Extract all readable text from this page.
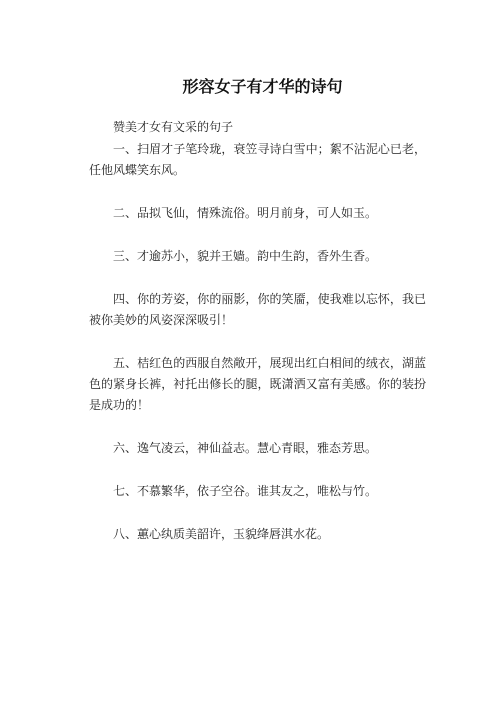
形容女子有才华的诗句

赞美才女有文采的句子

一、扫眉才子笔玲珑，衰笠寻诗白雪中；絮不沾泥心已老，任他风蝶笑东风。

二、品拟飞仙，情殊流俗。明月前身，可人如玉。

三、才逾苏小，貌并王嫱。韵中生韵，香外生香。

四、你的芳姿，你的丽影，你的笑靥，使我难以忘怀，我已被你美妙的风姿深深吸引！

五、桔红色的西服自然敞开，展现出红白相间的绒衣，湖蓝色的紧身长裤，衬托出修长的腿，既潇洒又富有美感。你的装扮是成功的！

六、逸气凌云，神仙益志。慧心青眼，雅态芳思。

七、不慕繁华，依子空谷。谁其友之，唯松与竹。

八、蕙心纨质美韶许，玉貌绛唇淇水花。
